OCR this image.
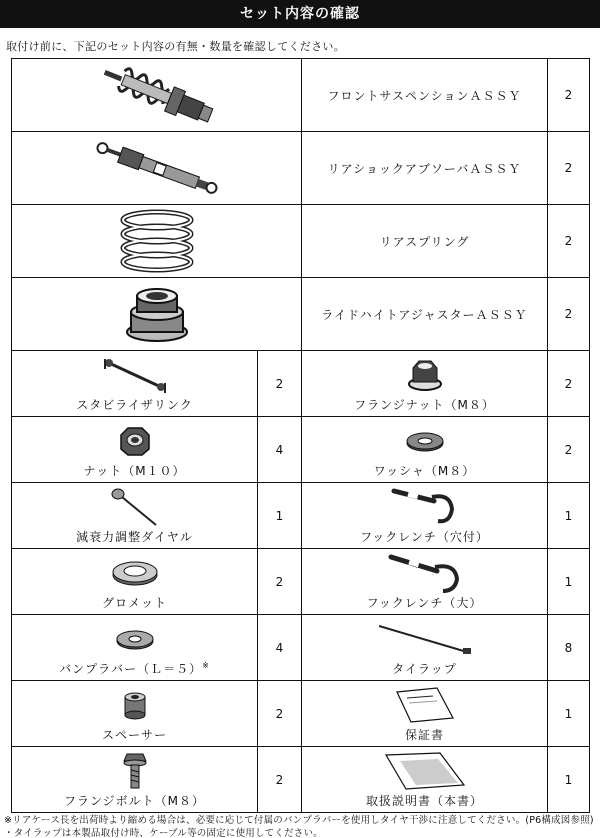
セット内容の確認
取付け前に、下記のセット内容の有無・数量を確認してください。
	フロントサスペンションＡＳＳＹ	2

	リアショックアブソーバＡＳＳＹ	2

	リアスプリング	2

	ライドハイトアジャスターＡＳＳＹ	2

スタビライザリンク	2	フランジナット（M８）	2

ナット（M１０）	4	ワッシャ（M８）	2

減衰力調整ダイヤル	1	フックレンチ（穴付）	1

グロメット	2	フックレンチ（大）	1

バンプラバー（Ｌ＝５）※	4	タイラップ	8

スペーサー	2	保証書	1

フランジボルト（M８）	2	取扱説明書（本書）	1
※リアケース長を出荷時より縮める場合は、必要に応じて付属のバンプラバーを使用しタイヤ干渉に注意してください。(P6構成図参照)
・タイラップは本製品取付け時、ケーブル等の固定に使用してください。
